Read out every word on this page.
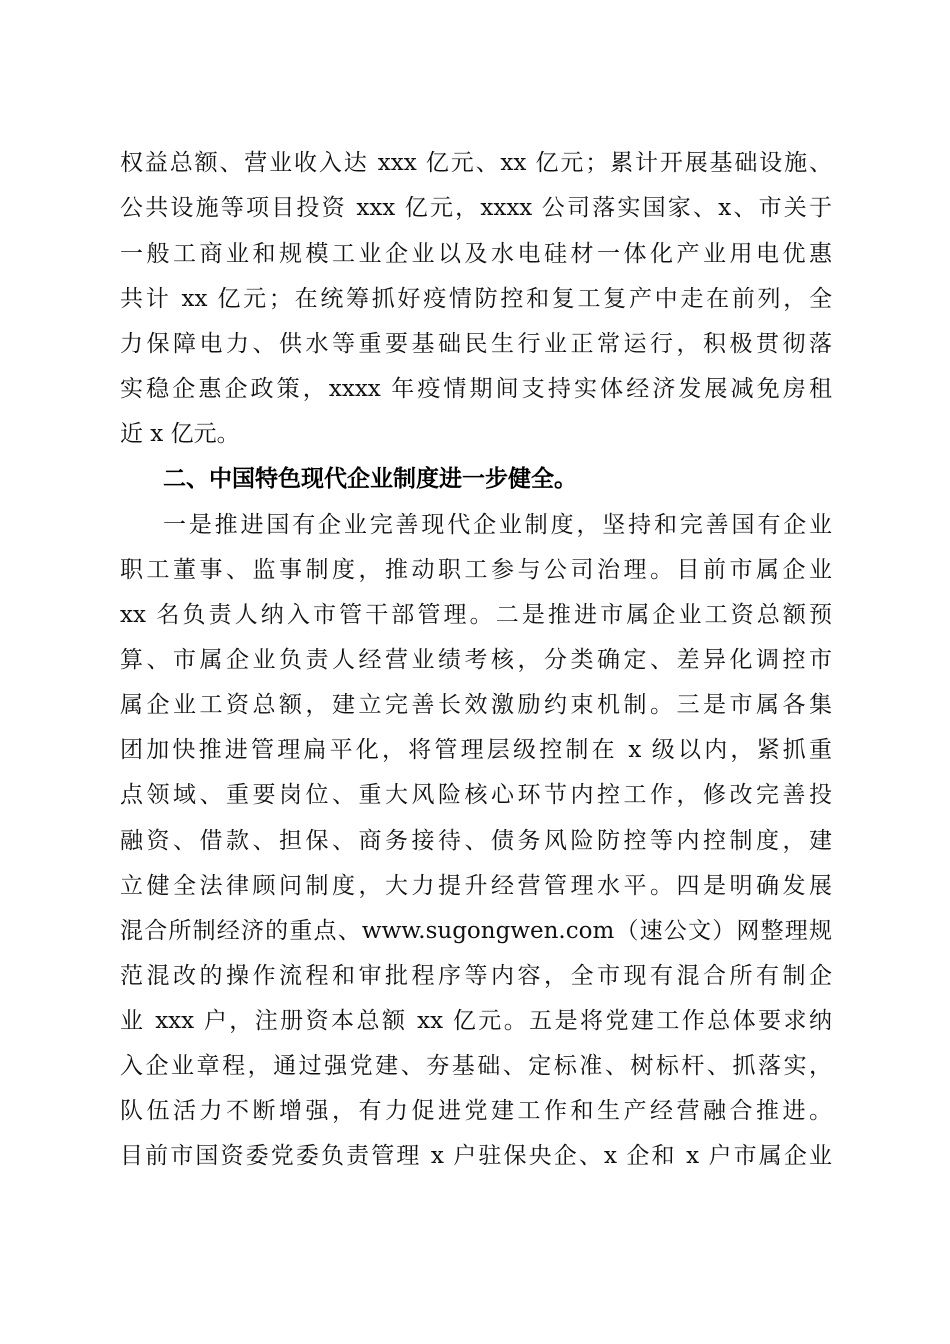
权益总额、营业收入达 xxx 亿元、xx 亿元；累计开展基础设施、
公共设施等项目投资 xxx 亿元，xxxx 公司落实国家、x、市关于
一般工商业和规模工业企业以及水电硅材一体化产业用电优惠
共计 xx 亿元；在统筹抓好疫情防控和复工复产中走在前列，全
力保障电力、供水等重要基础民生行业正常运行，积极贯彻落
实稳企惠企政策，xxxx 年疫情期间支持实体经济发展减免房租
近 x 亿元。
二、中国特色现代企业制度进一步健全。
一是推进国有企业完善现代企业制度，坚持和完善国有企业
职工董事、监事制度，推动职工参与公司治理。目前市属企业
xx 名负责人纳入市管干部管理。二是推进市属企业工资总额预
算、市属企业负责人经营业绩考核，分类确定、差异化调控市
属企业工资总额，建立完善长效激励约束机制。三是市属各集
团加快推进管理扁平化，将管理层级控制在 x 级以内，紧抓重
点领域、重要岗位、重大风险核心环节内控工作，修改完善投
融资、借款、担保、商务接待、债务风险防控等内控制度，建
立健全法律顾问制度，大力提升经营管理水平。四是明确发展
混合所制经济的重点、www.sugongwen.com（速公文）网整理规
范混改的操作流程和审批程序等内容，全市现有混合所有制企
业 xxx 户，注册资本总额 xx 亿元。五是将党建工作总体要求纳
入企业章程，通过强党建、夯基础、定标准、树标杆、抓落实，
队伍活力不断增强，有力促进党建工作和生产经营融合推进。
目前市国资委党委负责管理 x 户驻保央企、x 企和 x 户市属企业
